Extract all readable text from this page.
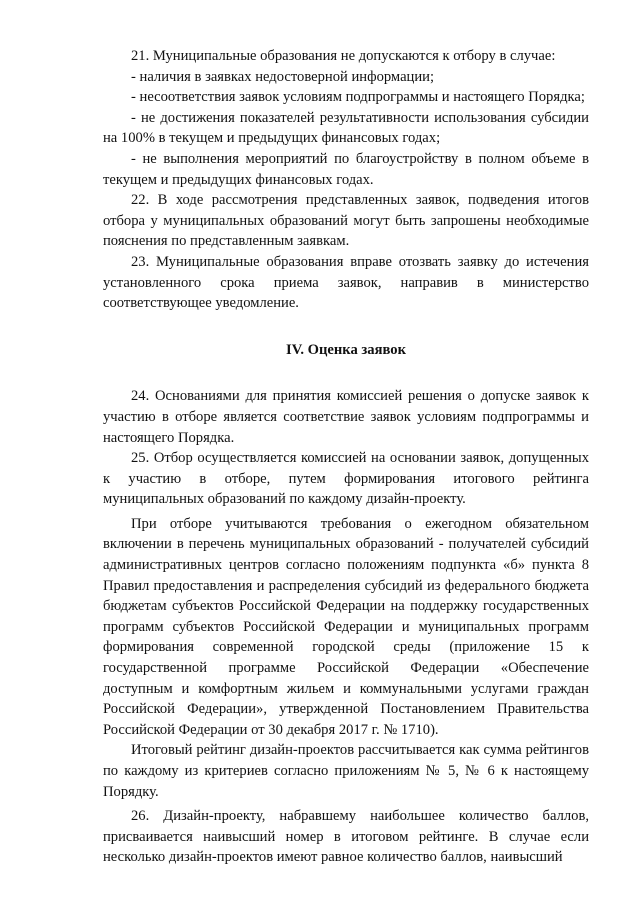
21. Муниципальные образования не допускаются к отбору в случае:

- наличия в заявках недостоверной информации;

- несоответствия заявок условиям подпрограммы и настоящего Порядка;

- не достижения показателей результативности использования субсидии на 100% в текущем и предыдущих финансовых годах;

- не выполнения мероприятий по благоустройству в полном объеме в текущем и предыдущих финансовых годах.

22. В ходе рассмотрения представленных заявок, подведения итогов отбора у муниципальных образований могут быть запрошены необходимые пояснения по представленным заявкам.

23. Муниципальные образования вправе отозвать заявку до истечения установленного срока приема заявок, направив в министерство соответствующее уведомление.

IV. Оценка заявок

24. Основаниями для принятия комиссией решения о допуске заявок к участию в отборе является соответствие заявок условиям подпрограммы и настоящего Порядка.

25. Отбор осуществляется комиссией на основании заявок, допущенных к участию в отборе, путем формирования итогового рейтинга муниципальных образований по каждому дизайн-проекту.

При отборе учитываются требования о ежегодном обязательном включении в перечень муниципальных образований - получателей субсидий административных центров согласно положениям подпункта «б» пункта 8 Правил предоставления и распределения субсидий из федерального бюджета бюджетам субъектов Российской Федерации на поддержку государственных программ субъектов Российской Федерации и муниципальных программ формирования современной городской среды (приложение 15 к государственной программе Российской Федерации «Обеспечение доступным и комфортным жильем и коммунальными услугами граждан Российской Федерации», утвержденной Постановлением Правительства Российской Федерации от 30 декабря 2017 г. № 1710).

Итоговый рейтинг дизайн-проектов рассчитывается как сумма рейтингов по каждому из критериев согласно приложениям № 5, № 6 к настоящему Порядку.

26. Дизайн-проекту, набравшему наибольшее количество баллов, присваивается наивысший номер в итоговом рейтинге. В случае если несколько дизайн-проектов имеют равное количество баллов, наивысший
